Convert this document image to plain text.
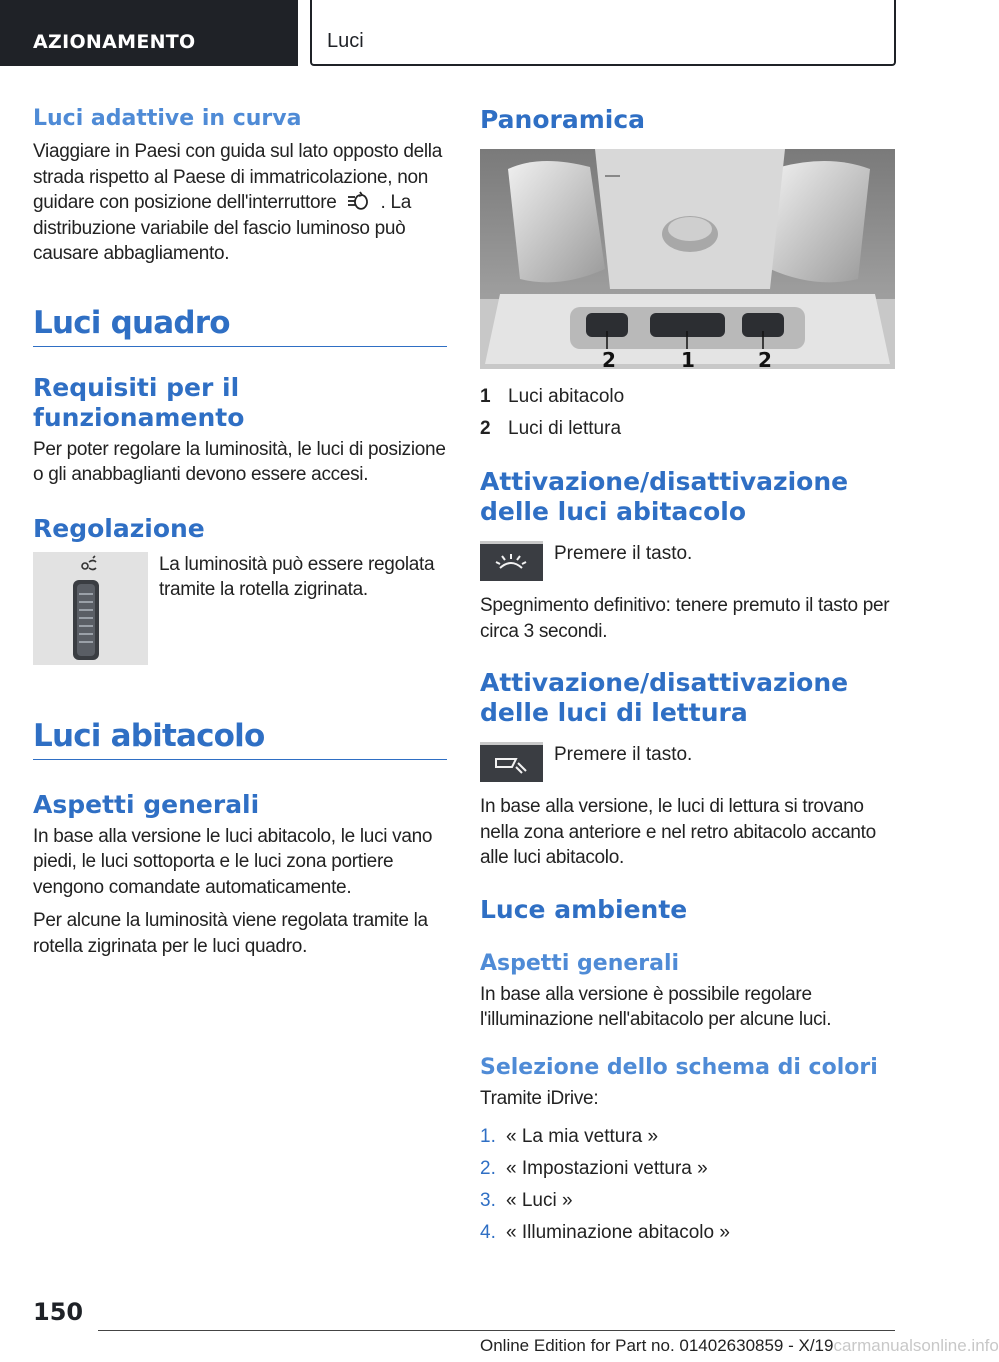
AZIONAMENTO	Luci
Luci adattive in curva

Viaggiare in Paesi con guida sul lato opposto della strada rispetto al Paese di immatricolazione, non guidare con posizione dell'interruttore . La distribuzione variabile del fascio luminoso può causare abbagliamento.

Luci quadro
Requisiti per il funzionamento

Per poter regolare la luminosità, le luci di posizione o gli anabbaglianti devono essere accesi.

Regolazione

La luminosità può essere regolata tramite la rotella zigrinata.

Luci abitacolo
Aspetti generali

In base alla versione le luci abitacolo, le luci vano piedi, le luci sottoporta e le luci zona portiere vengono comandate automaticamente.

Per alcune la luminosità viene regolata tramite la rotella zigrinata per le luci quadro.

Panoramica
2	1	2
1 Luci abitacolo
2 Luci di lettura
Attivazione/disattivazione delle luci abitacolo
Premere il tasto.

Spegnimento definitivo: tenere premuto il tasto per circa 3 secondi.

Attivazione/disattivazione delle luci di lettura
Premere il tasto.

In base alla versione, le luci di lettura si trovano nella zona anteriore e nel retro abitacolo accanto alle luci abitacolo.

Luce ambiente
Aspetti generali

In base alla versione è possibile regolare l'illuminazione nell'abitacolo per alcune luci.

Selezione dello schema di colori

Tramite iDrive:

1. « La mia vettura »
2. « Impostazioni vettura »
3. « Luci »
4. « Illuminazione abitacolo »
150
Online Edition for Part no. 01402630859 - X/19carmanualsonline.info
